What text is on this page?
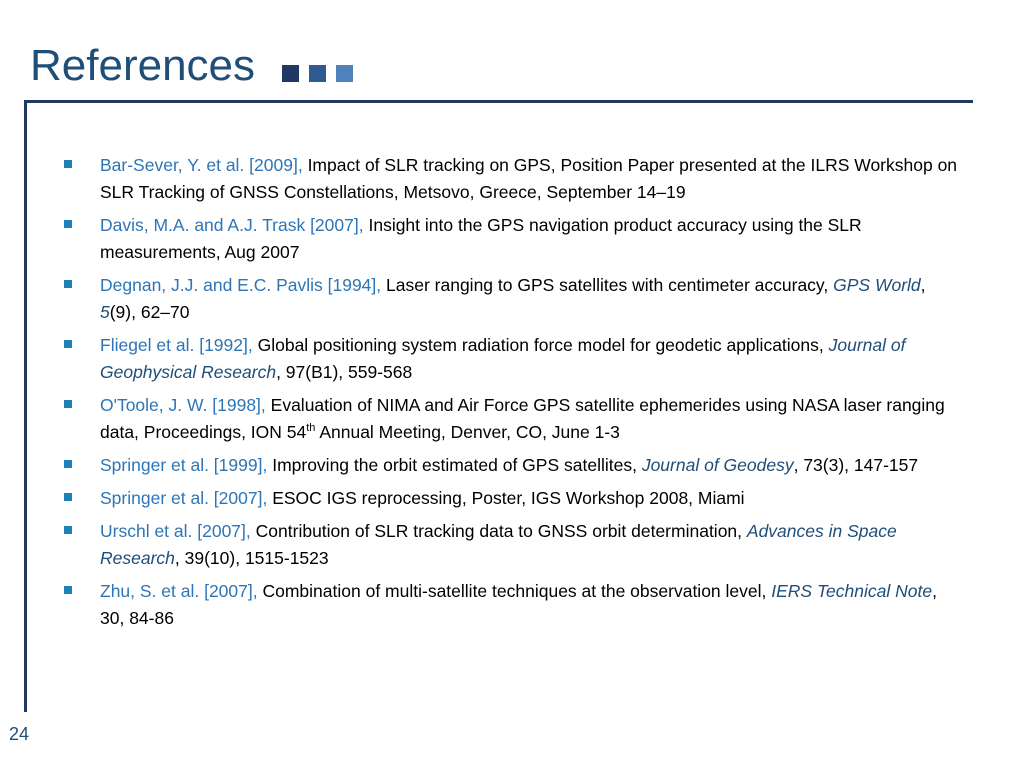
References
Bar-Sever, Y. et al. [2009], Impact of SLR tracking on GPS, Position Paper presented at the ILRS Workshop on SLR Tracking of GNSS Constellations, Metsovo, Greece, September 14–19
Davis, M.A. and A.J. Trask [2007], Insight into the GPS navigation product accuracy using the SLR measurements, Aug 2007
Degnan, J.J. and E.C. Pavlis [1994], Laser ranging to GPS satellites with centimeter accuracy, GPS World, 5(9), 62–70
Fliegel et al. [1992], Global positioning system radiation force model for geodetic applications, Journal of Geophysical Research, 97(B1), 559-568
O'Toole, J. W. [1998], Evaluation of NIMA and Air Force GPS satellite ephemerides using NASA laser ranging data, Proceedings, ION 54th Annual Meeting, Denver, CO, June 1-3
Springer et al. [1999], Improving the orbit estimated of GPS satellites, Journal of Geodesy, 73(3), 147-157
Springer et al. [2007], ESOC IGS reprocessing, Poster, IGS Workshop 2008, Miami
Urschl et al. [2007], Contribution of SLR tracking data to GNSS orbit determination, Advances in Space Research, 39(10), 1515-1523
Zhu, S. et al. [2007], Combination of multi-satellite techniques at the observation level, IERS Technical Note, 30, 84-86
24
